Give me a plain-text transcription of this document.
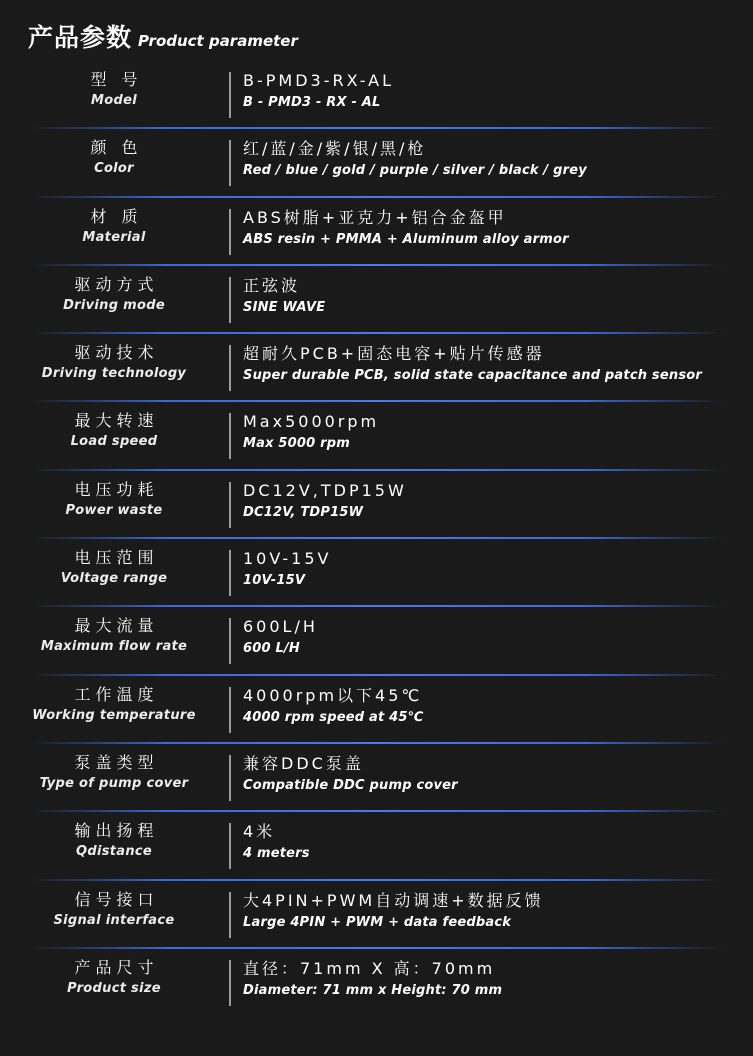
产品参数 Product parameter
型 号
Model
B-PMD3-RX-AL
B - PMD3 - RX - AL
颜 色
Color
红/蓝/金/紫/银/黑/枪
Red / blue / gold / purple / silver / black / grey
材 质
Material
ABS树脂+亚克力+铝合金盔甲
ABS resin + PMMA + Aluminum alloy armor
驱动方式
Driving mode
正弦波
SINE WAVE
驱动技术
Driving technology
超耐久PCB+固态电容+贴片传感器
Super durable PCB, solid state capacitance and patch sensor
最大转速
Load speed
Max5000rpm
Max 5000 rpm
电压功耗
Power waste
DC12V,TDP15W
DC12V, TDP15W
电压范围
Voltage range
10V-15V
10V-15V
最大流量
Maximum flow rate
600L/H
600 L/H
工作温度
Working temperature
4000rpm以下45℃
4000 rpm speed at 45℃
泵盖类型
Type of pump cover
兼容DDC泵盖
Compatible DDC pump cover
输出扬程
Qdistance
4米
4 meters
信号接口
Signal interface
大4PIN+PWM自动调速+数据反馈
Large 4PIN + PWM + data feedback
产品尺寸
Product size
直径：71mm X 高：70mm
Diameter: 71 mm x Height: 70 mm
